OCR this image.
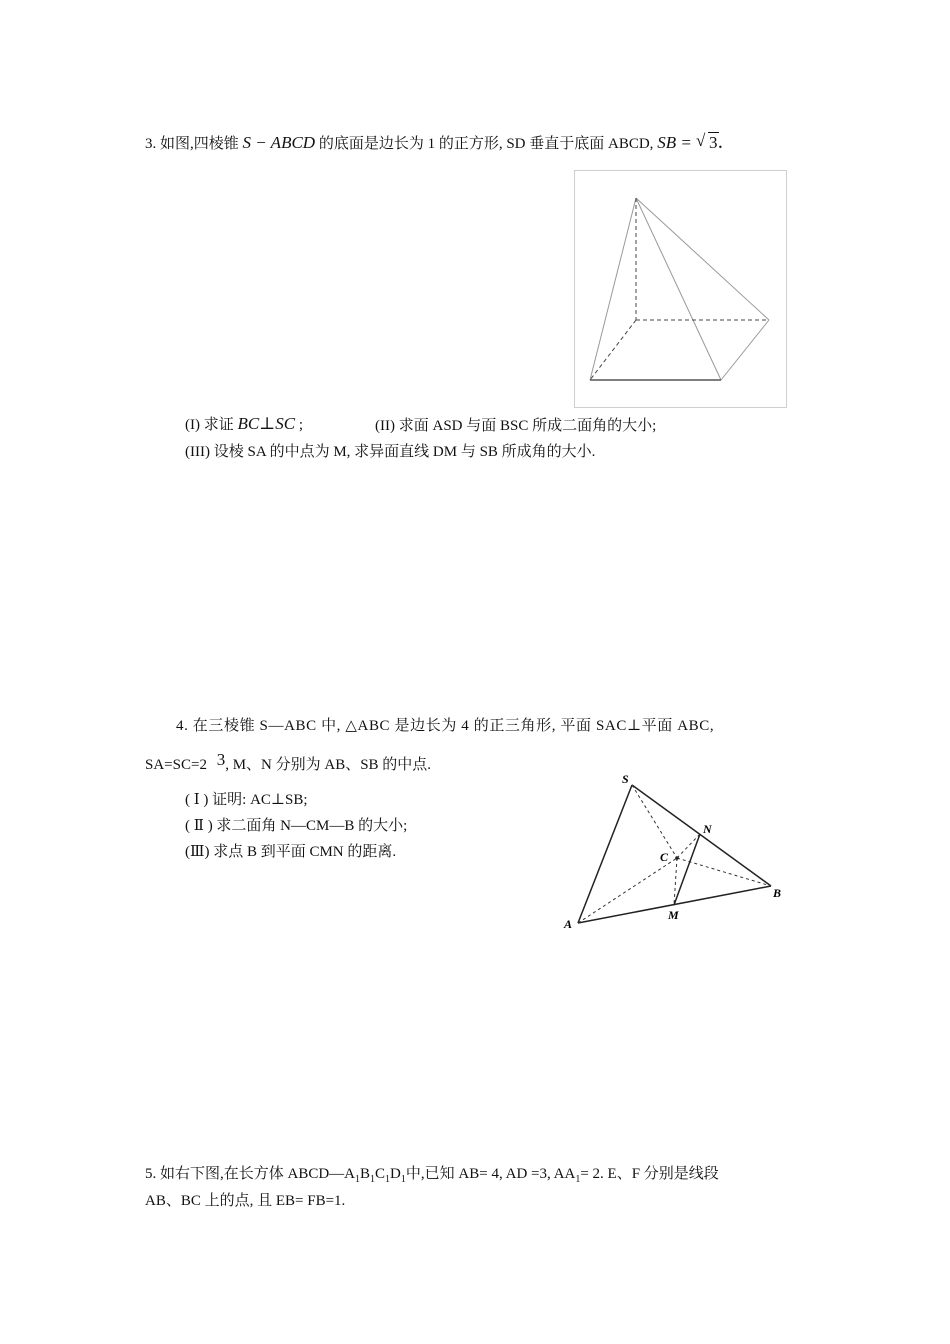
3. 如图,四棱锥 S − ABCD 的底面是边长为 1 的正方形, SD 垂直于底面 ABCD, SB = √ 3.
(I) 求证 BC⊥SC ;	(II) 求面 ASD 与面 BSC 所成二面角的大小;
(III) 设棱 SA 的中点为 M, 求异面直线 DM 与 SB 所成角的大小.
4. 在三棱锥 S—ABC 中, △ABC 是边长为 4 的正三角形, 平面 SAC⊥平面 ABC,
SA=SC=2 3, M、N 分别为 AB、SB 的中点.
( Ⅰ ) 证明: AC⊥SB;
( Ⅱ ) 求二面角 N—CM—B 的大小;
(Ⅲ) 求点 B 到平面 CMN 的距离.
S
N
C
B
M
A
5. 如右下图,在长方体 $ABCD—A_1B_1C_1D_1$中,已知 AB= 4, AD =3, $AA_1= 2$. E、F 分别是线段
AB、BC 上的点, 且 EB= FB=1.
